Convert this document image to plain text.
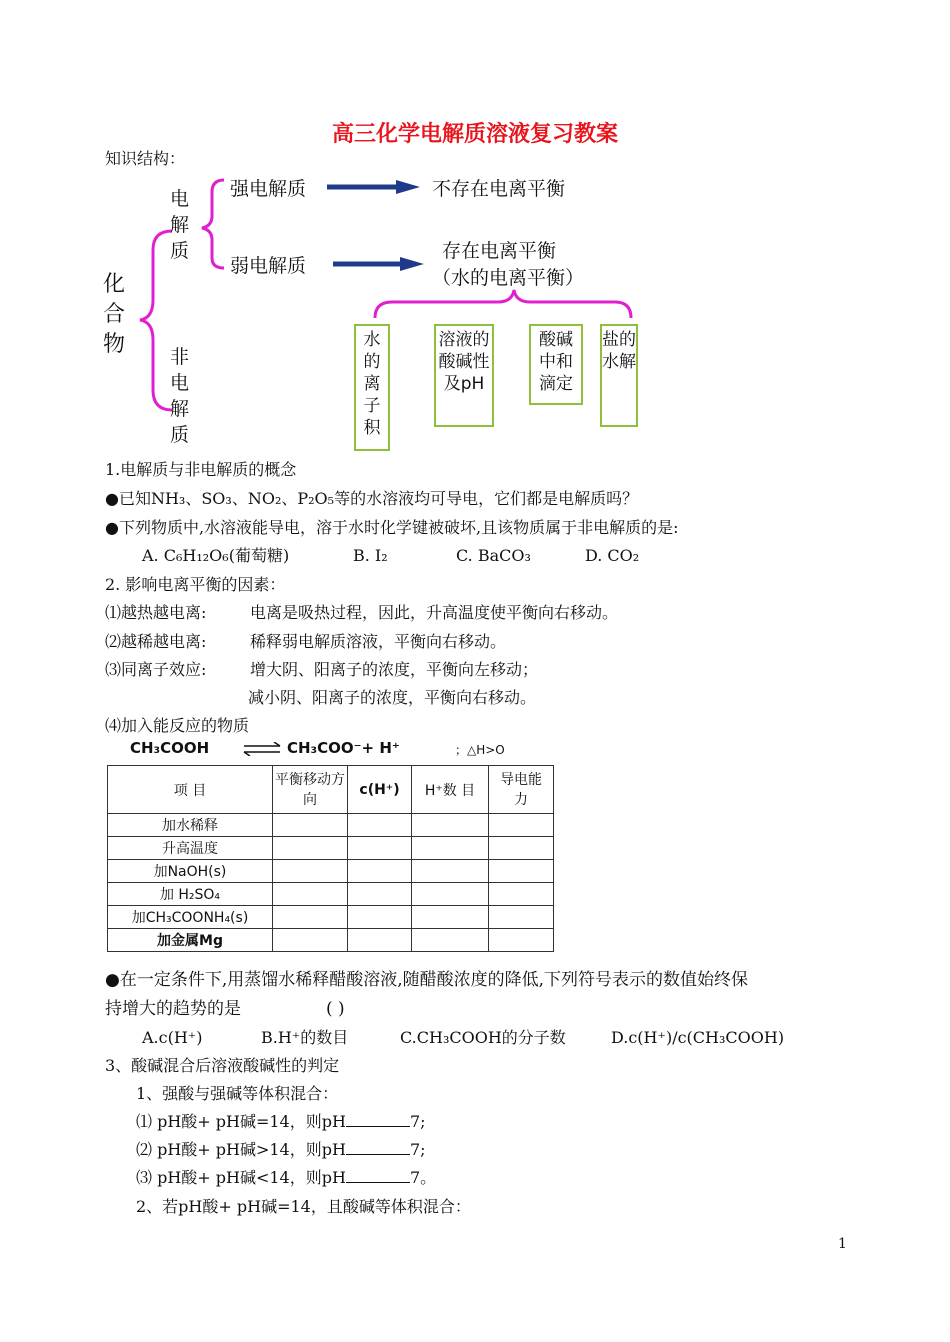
高三化学电解质溶液复习教案
知识结构：
化合物
电解质
非电解质
强电解质	不存在电离平衡
弱电解质
存在电离平衡
（水的电离平衡）
水的离子积
溶液的酸碱性及pH
酸碱中和滴定
盐的水解
1.电解质与非电解质的概念
●已知NH₃、SO₃、NO₂、P₂O₅等的水溶液均可导电，它们都是电解质吗？
●下列物质中,水溶液能导电，溶于水时化学键被破坏,且该物质属于非电解质的是:
A. C₆H₁₂O₆(葡萄糖)	B. I₂	C. BaCO₃	D. CO₂
2. 影响电离平衡的因素：
⑴越热越电离:	电离是吸热过程，因此，升高温度使平衡向右移动。
⑵越稀越电离:	稀释弱电解质溶液，平衡向右移动。
⑶同离子效应:	增大阴、阳离子的浓度，平衡向左移动；
减小阴、阳离子的浓度，平衡向右移动。
⑷加入能反应的物质
CH₃COOH ⇌ CH₃COO⁻+ H⁺	；△H>O
项 目	平衡移动方向	c(H⁺)	H⁺数 目	导电能力
加水稀释				
升高温度				
加NaOH(s)				
加 H₂SO₄				
加CH₃COONH₄(s)				
加金属Mg				
●在一定条件下,用蒸馏水稀释醋酸溶液,随醋酸浓度的降低,下列符号表示的数值始终保
持增大的趋势的是	( )
A.c(H⁺)	B.H⁺的数目	C.CH₃COOH的分子数	D.c(H⁺)/c(CH₃COOH)
3、酸碱混合后溶液酸碱性的判定
1、强酸与强碱等体积混合：
⑴ pH酸+ pH碱=14，则pH	7;
⑵ pH酸+ pH碱>14，则pH	7;
⑶ pH酸+ pH碱<14，则pH	7。
2、若pH酸+ pH碱=14，且酸碱等体积混合：
1
